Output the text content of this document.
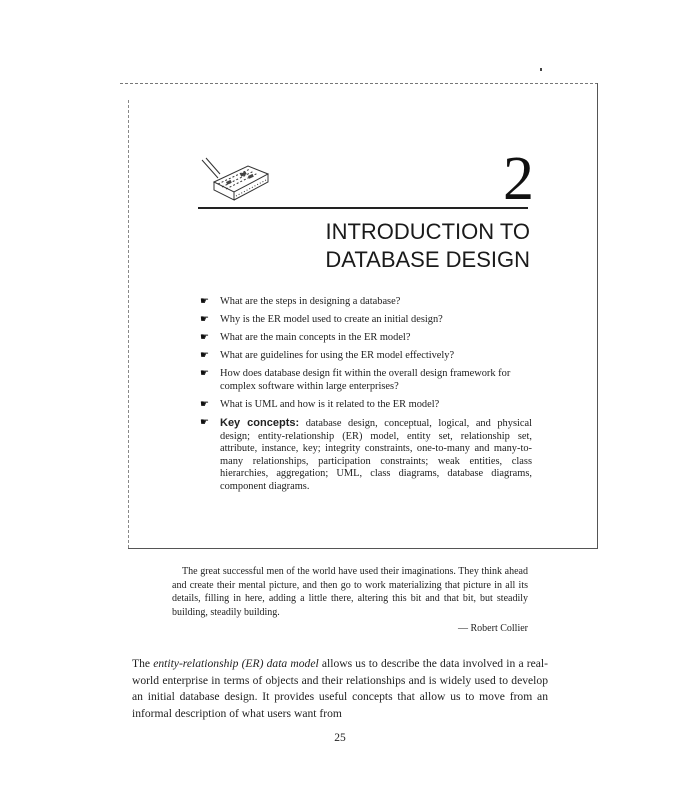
2
INTRODUCTION TO
DATABASE DESIGN
☛ What are the steps in designing a database?
☛ Why is the ER model used to create an initial design?
☛ What are the main concepts in the ER model?
☛ What are guidelines for using the ER model effectively?
☛ How does database design fit within the overall design framework for complex software within large enterprises?
☛ What is UML and how is it related to the ER model?
☛ Key concepts: database design, conceptual, logical, and physical design; entity-relationship (ER) model, entity set, relationship set, attribute, instance, key; integrity constraints, one-to-many and many-to-many relationships, participation constraints; weak entities, class hierarchies, aggregation; UML, class diagrams, database diagrams, component diagrams.
The great successful men of the world have used their imaginations. They think ahead and create their mental picture, and then go to work materializing that picture in all its details, filling in here, adding a little there, altering this bit and that bit, but steadily building, steadily building.
— Robert Collier
The entity-relationship (ER) data model allows us to describe the data involved in a real-world enterprise in terms of objects and their relationships and is widely used to develop an initial database design. It provides useful concepts that allow us to move from an informal description of what users want from
25
